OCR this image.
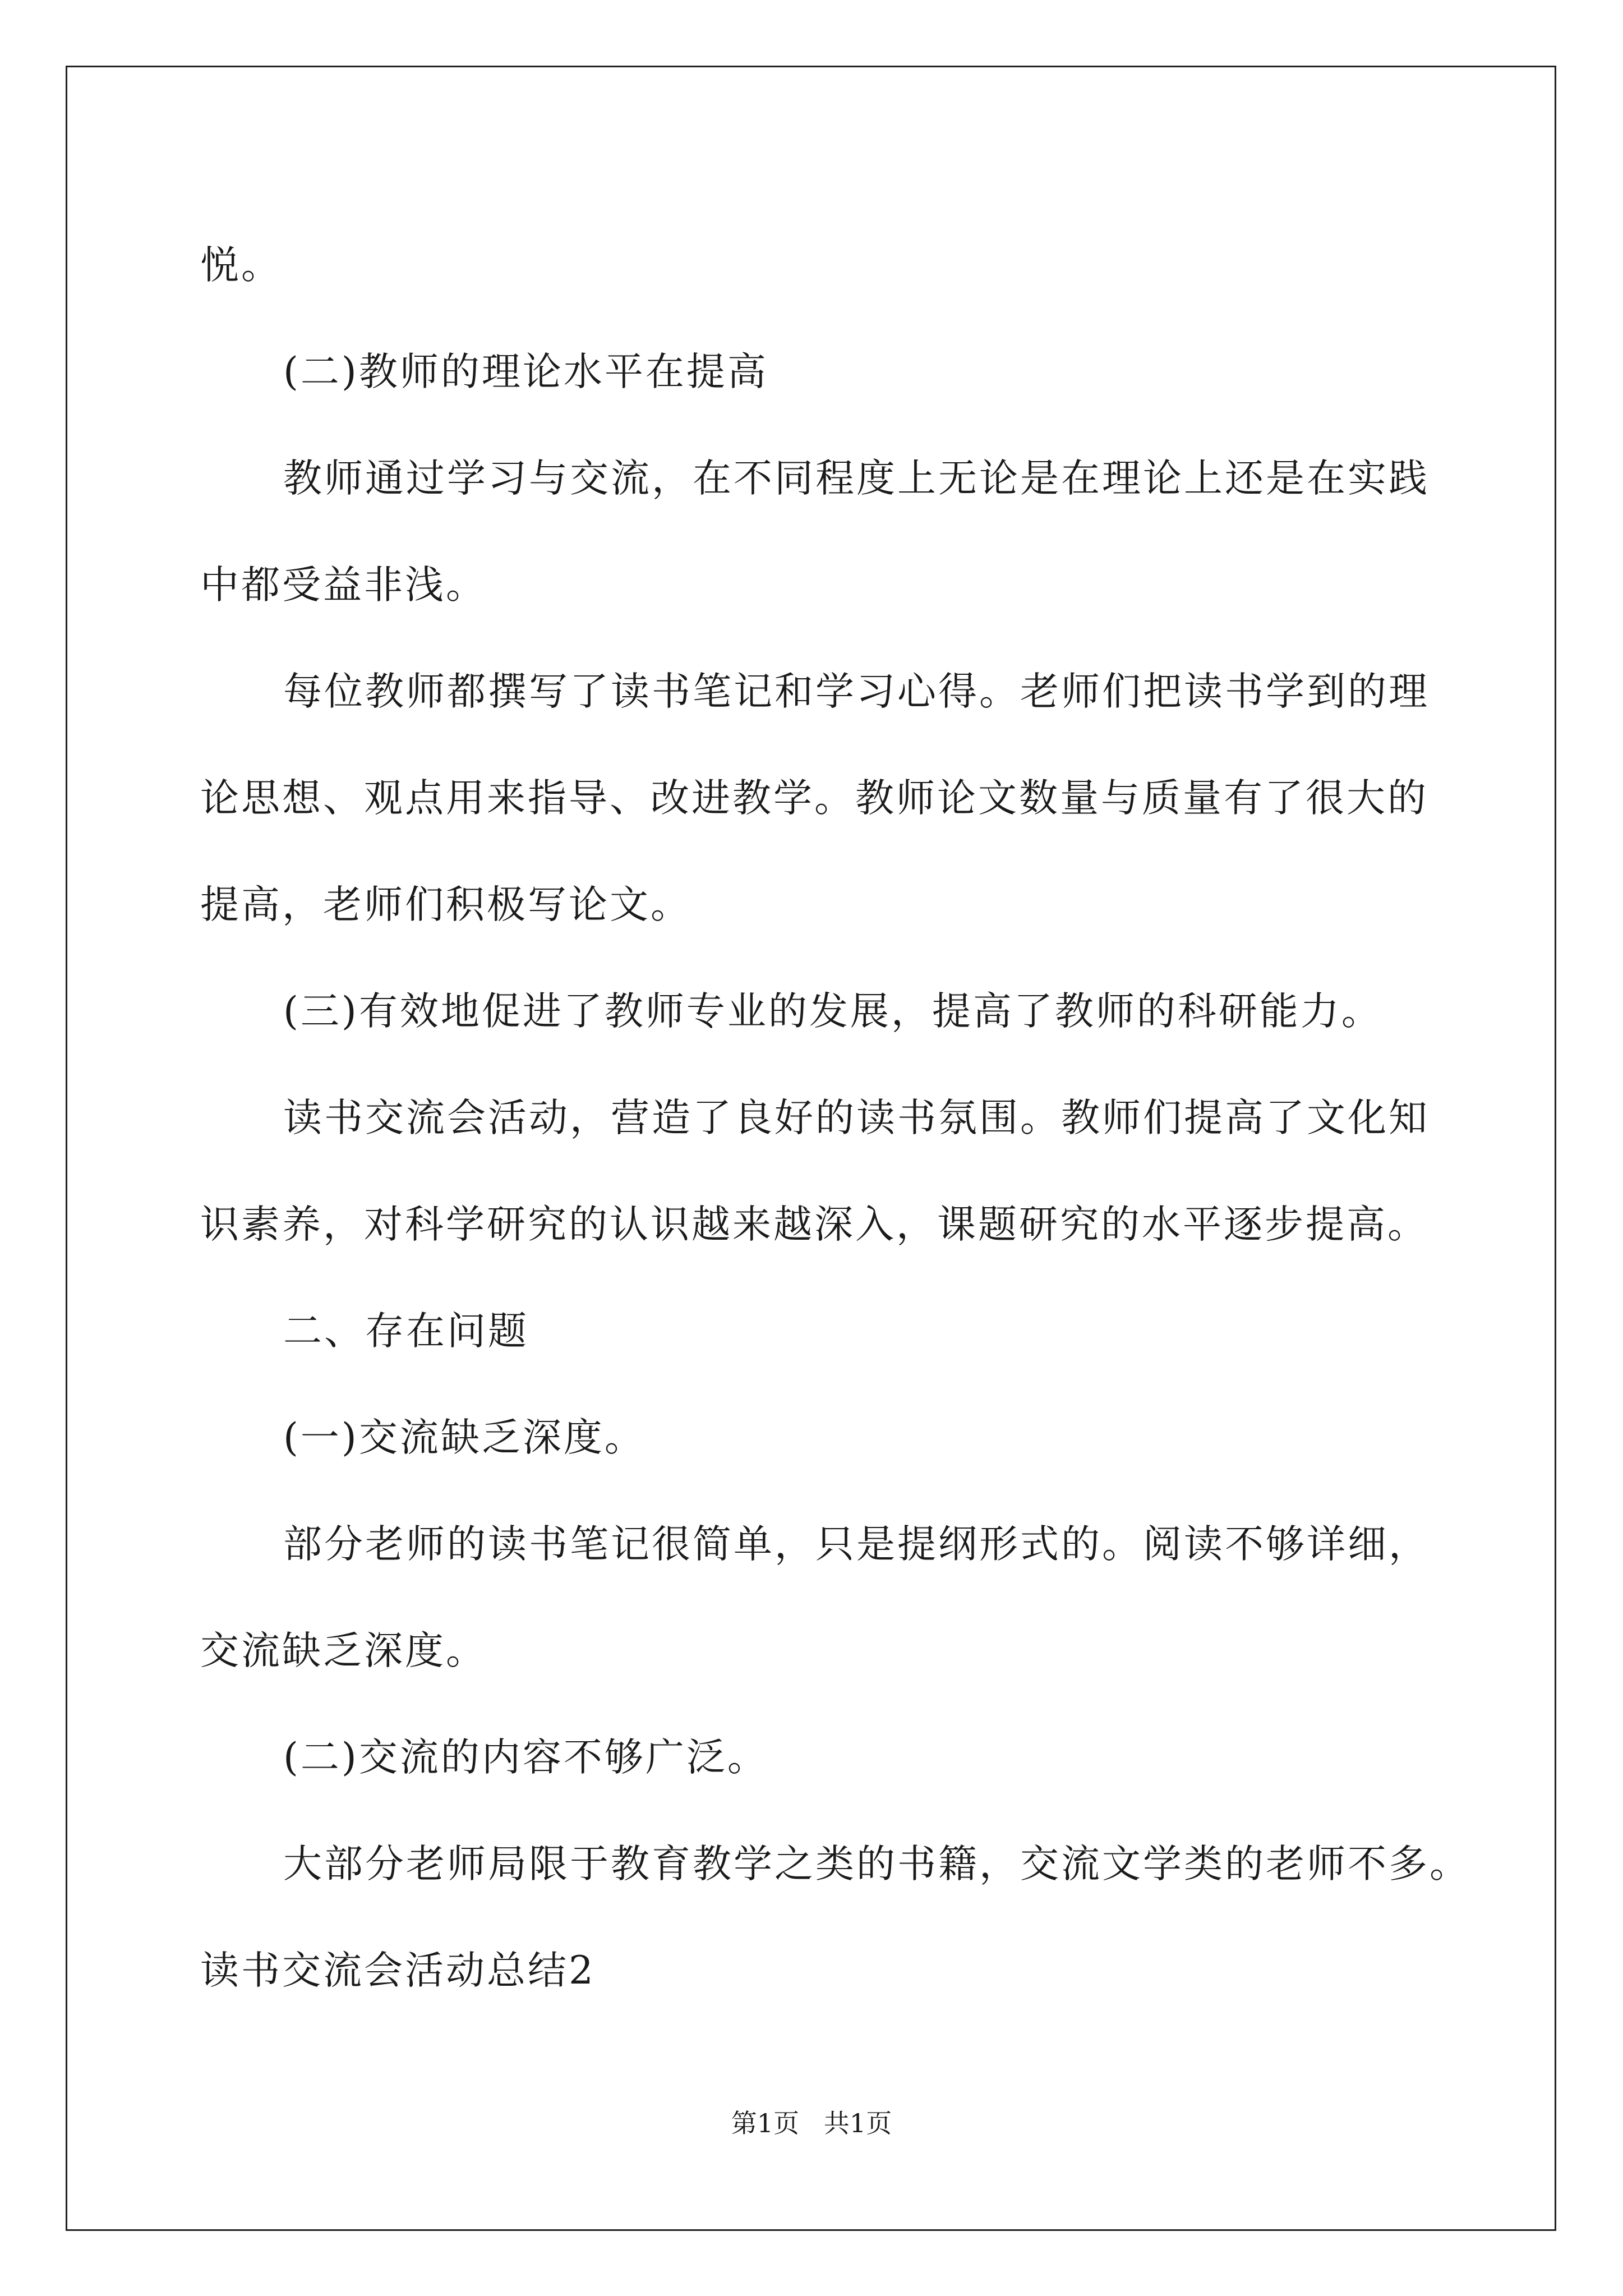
悦。

(二)教师的理论水平在提高

教师通过学习与交流，在不同程度上无论是在理论上还是在实践

中都受益非浅。

每位教师都撰写了读书笔记和学习心得。老师们把读书学到的理

论思想、观点用来指导、改进教学。教师论文数量与质量有了很大的

提高，老师们积极写论文。

(三)有效地促进了教师专业的发展，提高了教师的科研能力。

读书交流会活动，营造了良好的读书氛围。教师们提高了文化知

识素养，对科学研究的认识越来越深入，课题研究的水平逐步提高。

二、存在问题

(一)交流缺乏深度。

部分老师的读书笔记很简单，只是提纲形式的。阅读不够详细，

交流缺乏深度。

(二)交流的内容不够广泛。

大部分老师局限于教育教学之类的书籍，交流文学类的老师不多。

读书交流会活动总结2

第1页   共1页
